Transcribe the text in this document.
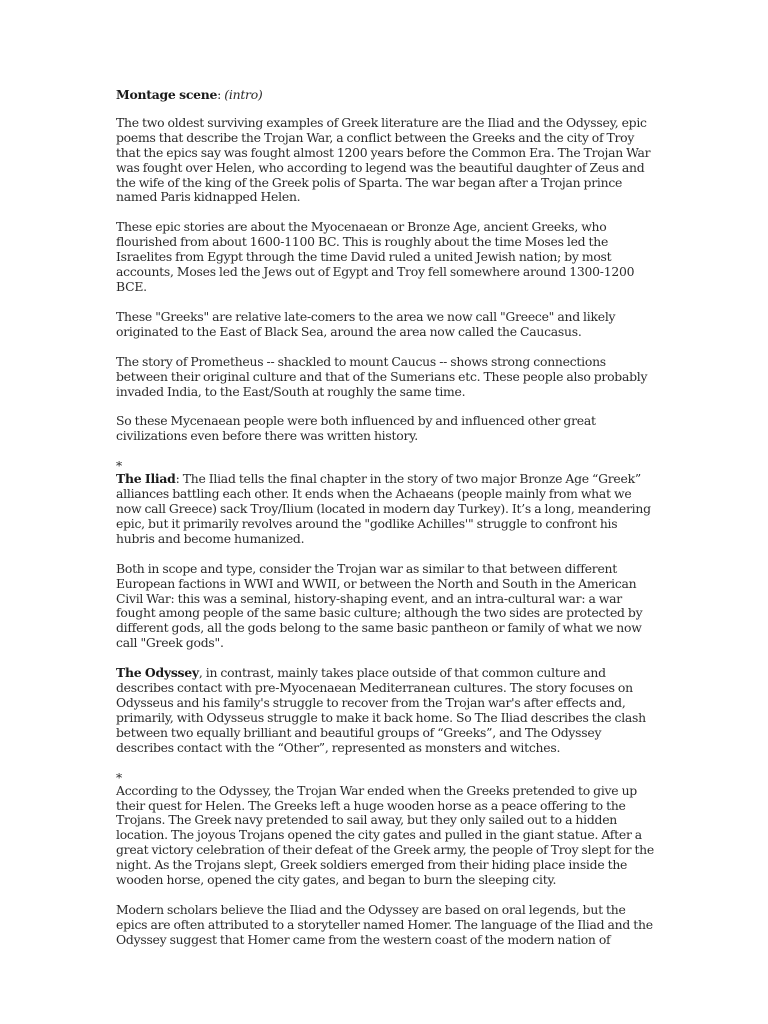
Montage scene: (intro)

The two oldest surviving examples of Greek literature are the Iliad and the Odyssey, epic poems that describe the Trojan War, a conflict between the Greeks and the city of Troy that the epics say was fought almost 1200 years before the Common Era. The Trojan War was fought over Helen, who according to legend was the beautiful daughter of Zeus and the wife of the king of the Greek polis of Sparta. The war began after a Trojan prince named Paris kidnapped Helen.

These epic stories are about the Myocenaean or Bronze Age, ancient Greeks, who flourished from about 1600-1100 BC. This is roughly about the time Moses led the Israelites from Egypt through the time David ruled a united Jewish nation; by most accounts, Moses led the Jews out of Egypt and Troy fell somewhere around 1300-1200 BCE.

These "Greeks" are relative late-comers to the area we now call "Greece" and likely originated to the East of Black Sea, around the area now called the Caucasus.

The story of Prometheus -- shackled to mount Caucus -- shows strong connections between their original culture and that of the Sumerians etc. These people also probably invaded India, to the East/South at roughly the same time.

So these Mycenaean people were both influenced by and influenced other great civilizations even before there was written history.

*
The Iliad: The Iliad tells the final chapter in the story of two major Bronze Age “Greek” alliances battling each other. It ends when the Achaeans (people mainly from what we now call Greece) sack Troy/Ilium (located in modern day Turkey). It’s a long, meandering epic, but it primarily revolves around the "godlike Achilles'" struggle to confront his hubris and become humanized.

Both in scope and type, consider the Trojan war as similar to that between different European factions in WWI and WWII, or between the North and South in the American Civil War: this was a seminal, history-shaping event, and an intra-cultural war: a war fought among people of the same basic culture; although the two sides are protected by different gods, all the gods belong to the same basic pantheon or family of what we now call "Greek gods".

The Odyssey, in contrast, mainly takes place outside of that common culture and describes contact with pre-Myocenaean Mediterranean cultures. The story focuses on Odysseus and his family's struggle to recover from the Trojan war's after effects and, primarily, with Odysseus struggle to make it back home. So The Iliad describes the clash between two equally brilliant and beautiful groups of “Greeks”, and The Odyssey describes contact with the “Other”, represented as monsters and witches.

*
According to the Odyssey, the Trojan War ended when the Greeks pretended to give up their quest for Helen. The Greeks left a huge wooden horse as a peace offering to the Trojans. The Greek navy pretended to sail away, but they only sailed out to a hidden location. The joyous Trojans opened the city gates and pulled in the giant statue. After a great victory celebration of their defeat of the Greek army, the people of Troy slept for the night. As the Trojans slept, Greek soldiers emerged from their hiding place inside the wooden horse, opened the city gates, and began to burn the sleeping city.

Modern scholars believe the Iliad and the Odyssey are based on oral legends, but the epics are often attributed to a storyteller named Homer. The language of the Iliad and the Odyssey suggest that Homer came from the western coast of the modern nation of
